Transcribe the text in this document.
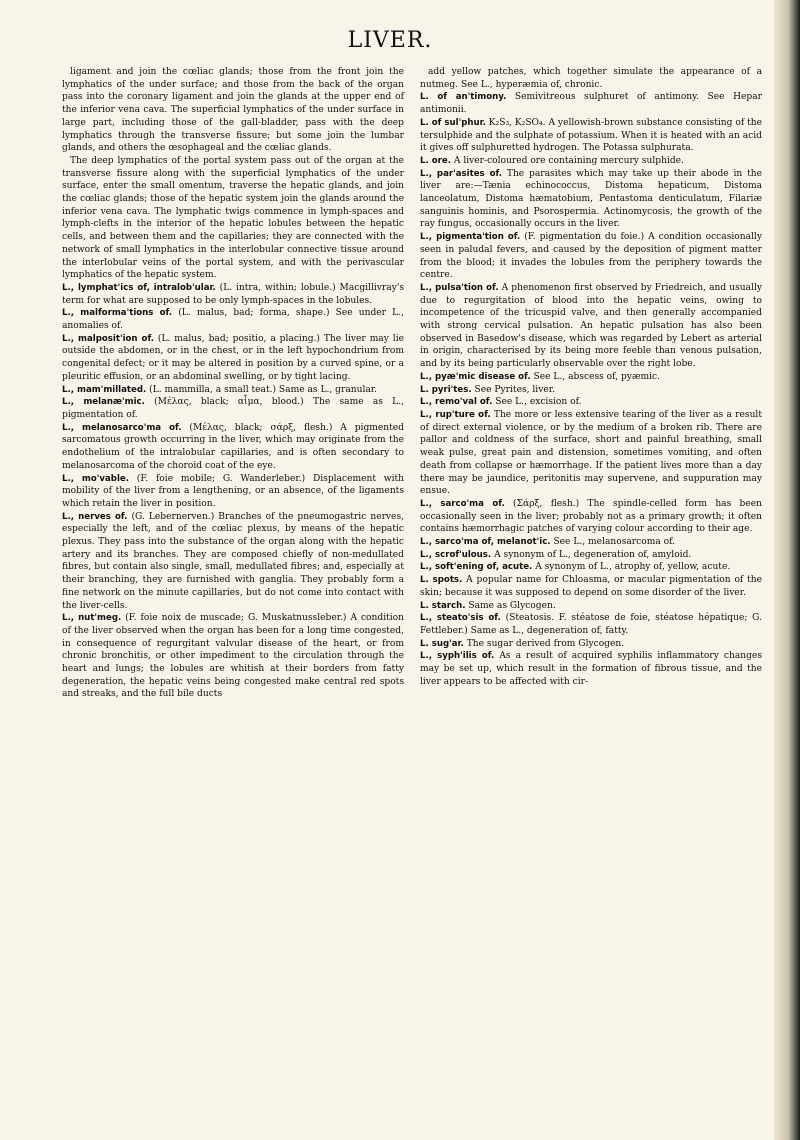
LIVER.

ligament and join the cœliac glands; those from the front join the lymphatics of the under surface; and those from the back of the organ pass into the coronary ligament and join the glands at the upper end of the inferior vena cava. The superficial lymphatics of the under surface in large part, including those of the gall-bladder, pass with the deep lymphatics through the transverse fissure; but some join the lumbar glands, and others the œsophageal and the cœliac glands.

The deep lymphatics of the portal system pass out of the organ at the transverse fissure along with the superficial lymphatics of the under surface, enter the small omentum, traverse the hepatic glands, and join the cœliac glands; those of the hepatic system join the glands around the inferior vena cava. The lymphatic twigs commence in lymph-spaces and lymph-clefts in the interior of the hepatic lobules between the hepatic cells, and between them and the capillaries; they are connected with the network of small lymphatics in the interlobular connective tissue around the interlobular veins of the portal system, and with the perivascular lymphatics of the hepatic system.

L., lymphat'ics of, intralob'ular. (L. intra, within; lobule.) Macgillivray's term for what are supposed to be only lymph-spaces in the lobules.

L., malforma'tions of. (L. malus, bad; forma, shape.) See under L., anomalies of.

L., malposit'ion of. (L. malus, bad; positio, a placing.) The liver may lie outside the abdomen, or in the chest, or in the left hypochondrium from congenital defect; or it may be altered in position by a curved spine, or a pleuritic effusion, or an abdominal swelling, or by tight lacing.

L., mam'millated. (L. mammilla, a small teat.) Same as L., granular.

L., melanæ'mic. (Μέλας, black; αἷμα, blood.) The same as L., pigmentation of.

L., melanosarco'ma of. (Μέλας, black; σάρξ, flesh.) A pigmented sarcomatous growth occurring in the liver, which may originate from the endothelium of the intralobular capillaries, and is often secondary to melanosarcoma of the choroid coat of the eye.

L., mo'vable. (F. foie mobile; G. Wanderleber.) Displacement with mobility of the liver from a lengthening, or an absence, of the ligaments which retain the liver in position.

L., nerves of. (G. Lebernerven.) Branches of the pneumogastric nerves, especially the left, and of the cœliac plexus, by means of the hepatic plexus. They pass into the substance of the organ along with the hepatic artery and its branches. They are composed chiefly of non-medullated fibres, but contain also single, small, medullated fibres; and, especially at their branching, they are furnished with ganglia. They probably form a fine network on the minute capillaries, but do not come into contact with the liver-cells.

L., nut'meg. (F. foie noix de muscade; G. Muskatnussleber.) A condition of the liver observed when the organ has been for a long time congested, in consequence of regurgitant valvular disease of the heart, or from chronic bronchitis, or other impediment to the circulation through the heart and lungs; the lobules are whitish at their borders from fatty degeneration, the hepatic veins being congested make central red spots and streaks, and the full bile ducts

add yellow patches, which together simulate the appearance of a nutmeg. See L., hyperæmia of, chronic.

L. of an'timony. Semivitreous sulphuret of antimony. See Hepar antimonii.

L. of sul'phur. K₂S₃, K₂SO₄. A yellowish-brown substance consisting of the tersulphide and the sulphate of potassium. When it is heated with an acid it gives off sulphuretted hydrogen. The Potassa sulphurata.

L. ore. A liver-coloured ore containing mercury sulphide.

L., par'asites of. The parasites which may take up their abode in the liver are:—Tænia echinococcus, Distoma hepaticum, Distoma lanceolatum, Distoma hæmatobium, Pentastoma denticulatum, Filariæ sanguinis hominis, and Psorospermia. Actinomycosis, the growth of the ray fungus, occasionally occurs in the liver.

L., pigmenta'tion of. (F. pigmentation du foie.) A condition occasionally seen in paludal fevers, and caused by the deposition of pigment matter from the blood; it invades the lobules from the periphery towards the centre.

L., pulsa'tion of. A phenomenon first observed by Friedreich, and usually due to regurgitation of blood into the hepatic veins, owing to incompetence of the tricuspid valve, and then generally accompanied with strong cervical pulsation. An hepatic pulsation has also been observed in Basedow's disease, which was regarded by Lebert as arterial in origin, characterised by its being more feeble than venous pulsation, and by its being particularly observable over the right lobe.

L., pyæ'mic disease of. See L., abscess of, pyæmic.

L. pyri'tes. See Pyrites, liver.

L., remo'val of. See L., excision of.

L., rup'ture of. The more or less extensive tearing of the liver as a result of direct external violence, or by the medium of a broken rib. There are pallor and coldness of the surface, short and painful breathing, small weak pulse, great pain and distension, sometimes vomiting, and often death from collapse or hæmorrhage. If the patient lives more than a day there may be jaundice, peritonitis may supervene, and suppuration may ensue.

L., sarco'ma of. (Σάρξ, flesh.) The spindle-celled form has been occasionally seen in the liver; probably not as a primary growth; it often contains hæmorrhagic patches of varying colour according to their age.

L., sarco'ma of, melanot'ic. See L., melanosarcoma of.

L., scrof'ulous. A synonym of L., degeneration of, amyloid.

L., soft'ening of, acute. A synonym of L., atrophy of, yellow, acute.

L. spots. A popular name for Chloasma, or macular pigmentation of the skin; because it was supposed to depend on some disorder of the liver.

L. starch. Same as Glycogen.

L., steato'sis of. (Steatosis. F. stéatose de foie, stéatose hépatique; G. Fettleber.) Same as L., degeneration of, fatty.

L. sug'ar. The sugar derived from Glycogen.

L., syph'ilis of. As a result of acquired syphilis inflammatory changes may be set up, which result in the formation of fibrous tissue, and the liver appears to be affected with cir-
